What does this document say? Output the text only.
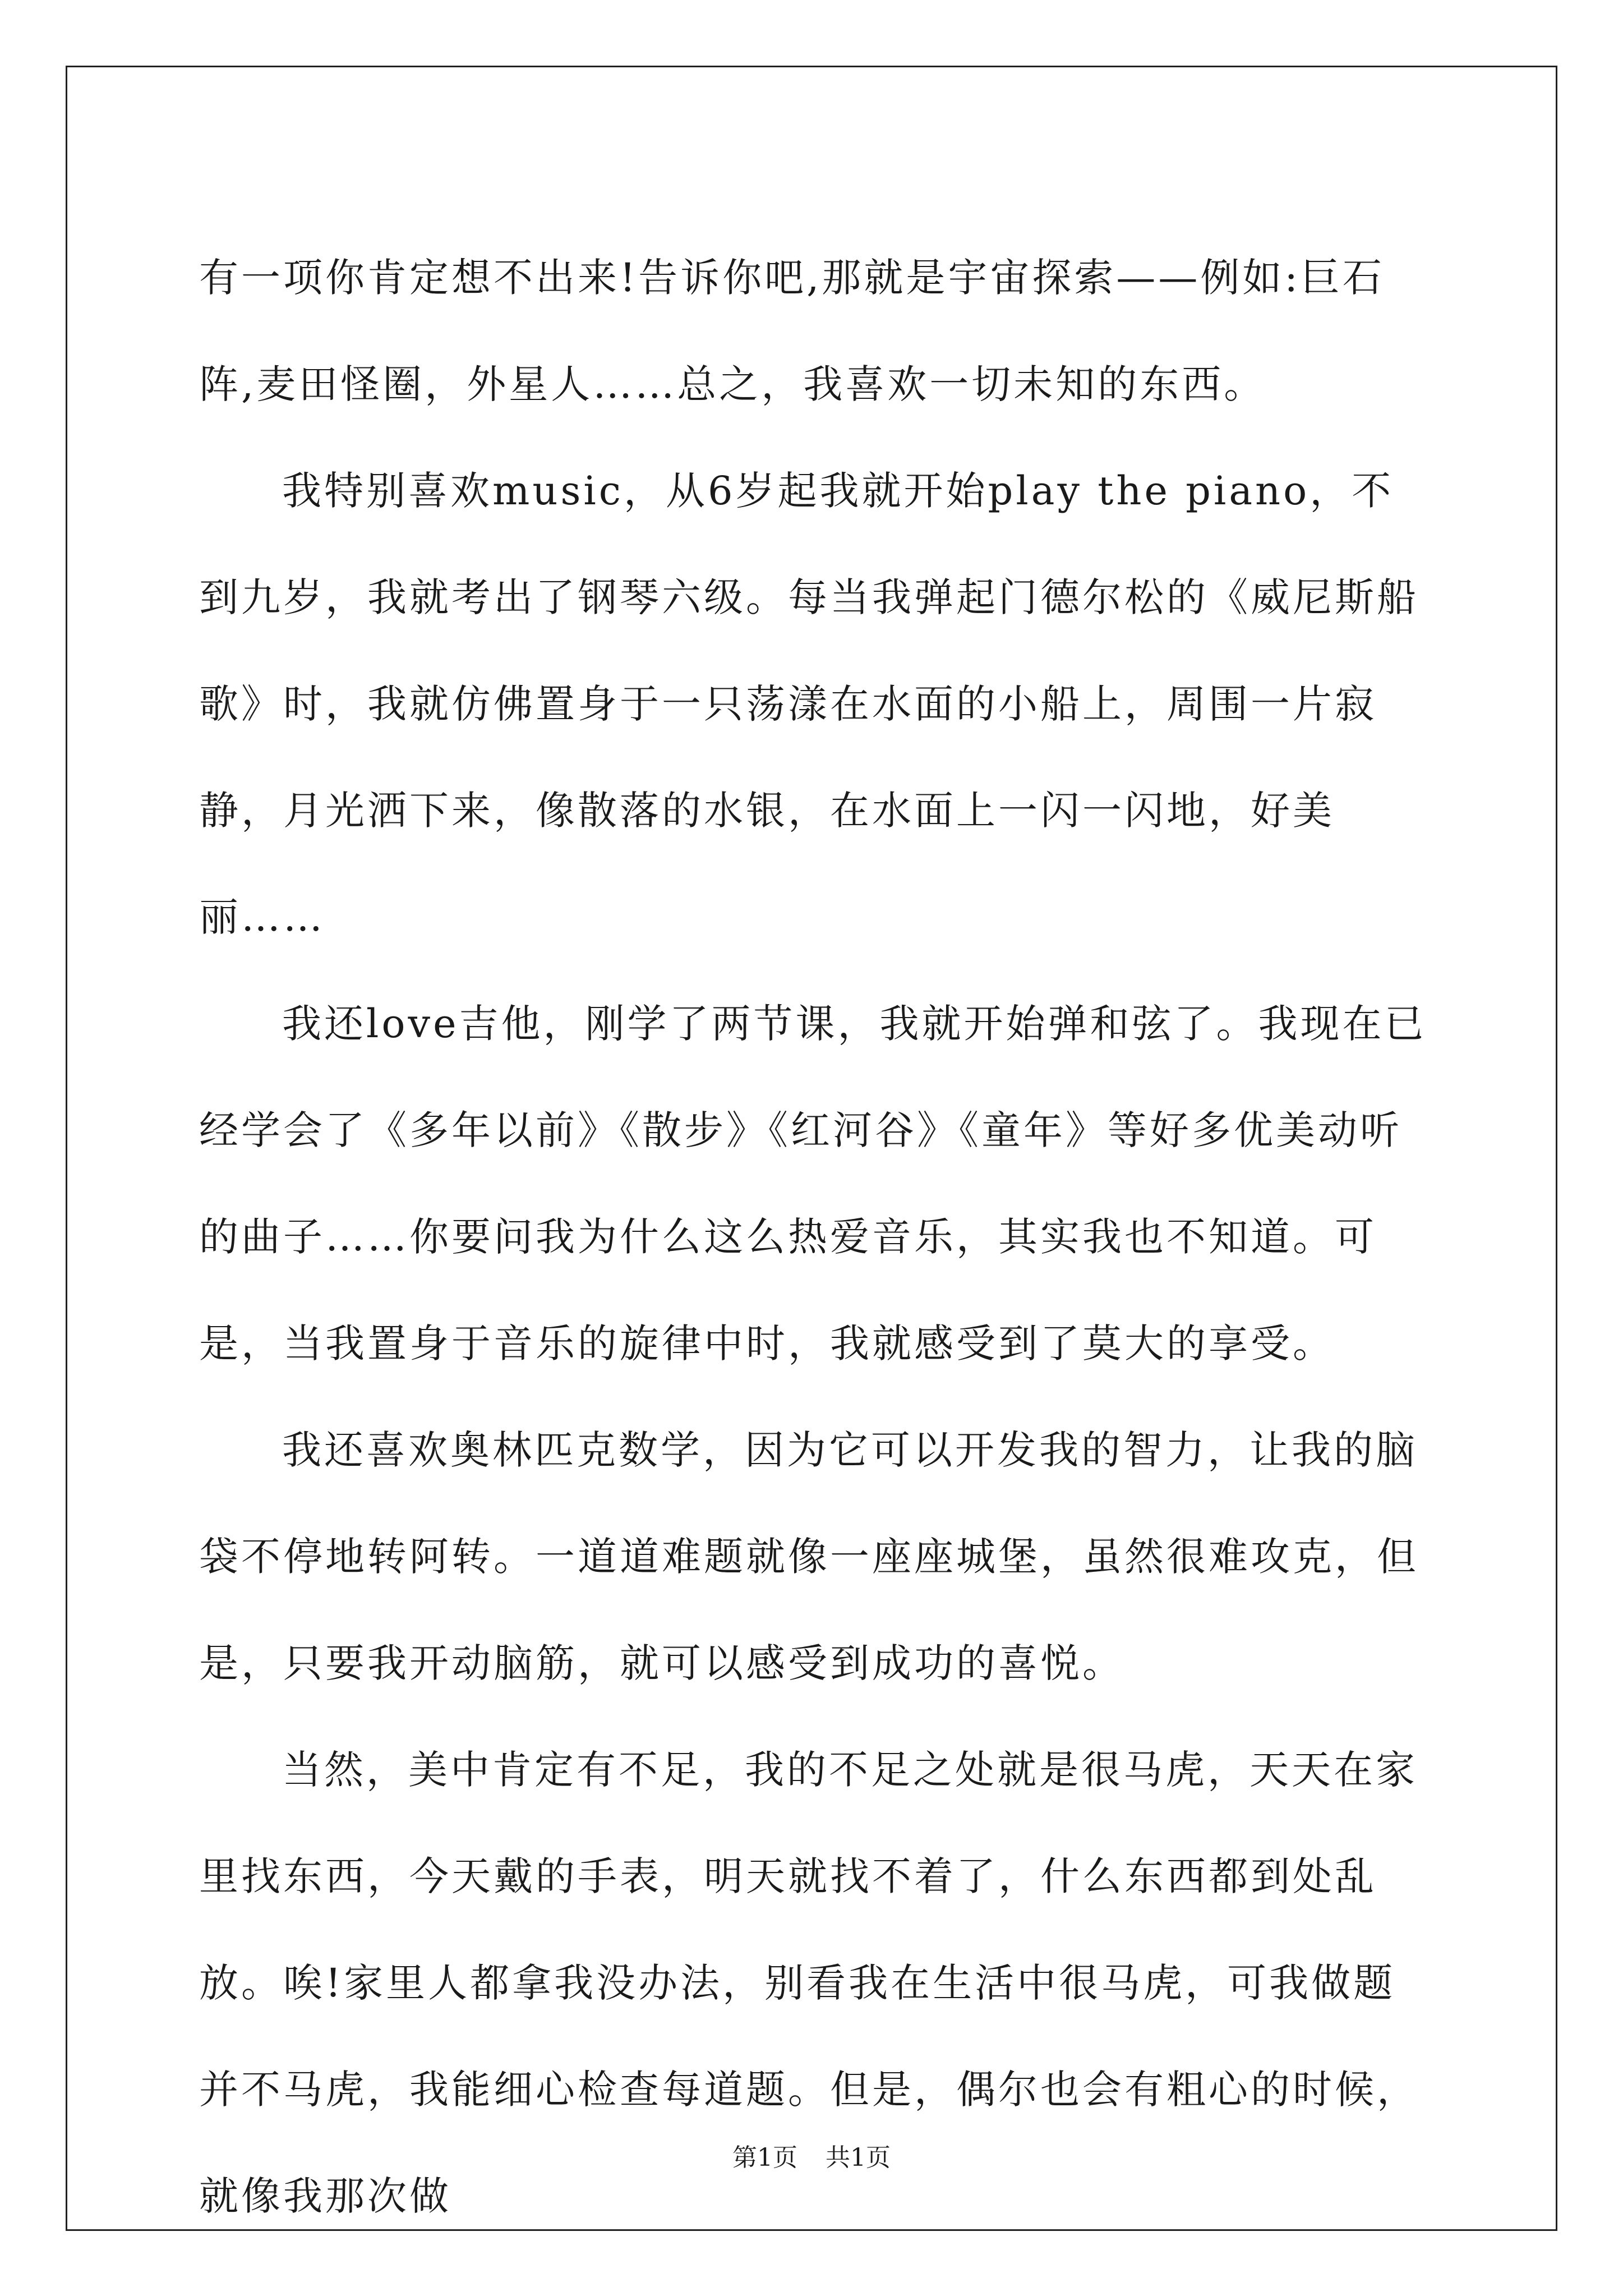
有一项你肯定想不出来!告诉你吧,那就是宇宙探索——例如:巨石阵,麦田怪圈，外星人……总之，我喜欢一切未知的东西。

我特别喜欢music，从6岁起我就开始play the piano，不到九岁，我就考出了钢琴六级。每当我弹起门德尔松的《威尼斯船歌》时，我就仿佛置身于一只荡漾在水面的小船上，周围一片寂静，月光洒下来，像散落的水银，在水面上一闪一闪地，好美丽……

我还love吉他，刚学了两节课，我就开始弹和弦了。我现在已经学会了《多年以前》《散步》《红河谷》《童年》等好多优美动听的曲子……你要问我为什么这么热爱音乐，其实我也不知道。可是，当我置身于音乐的旋律中时，我就感受到了莫大的享受。

我还喜欢奥林匹克数学，因为它可以开发我的智力，让我的脑袋不停地转阿转。一道道难题就像一座座城堡，虽然很难攻克，但是，只要我开动脑筋，就可以感受到成功的喜悦。

当然，美中肯定有不足，我的不足之处就是很马虎，天天在家里找东西，今天戴的手表，明天就找不着了，什么东西都到处乱放。唉!家里人都拿我没办法，别看我在生活中很马虎，可我做题并不马虎，我能细心检查每道题。但是，偶尔也会有粗心的时候，就像我那次做

第1页 共1页
